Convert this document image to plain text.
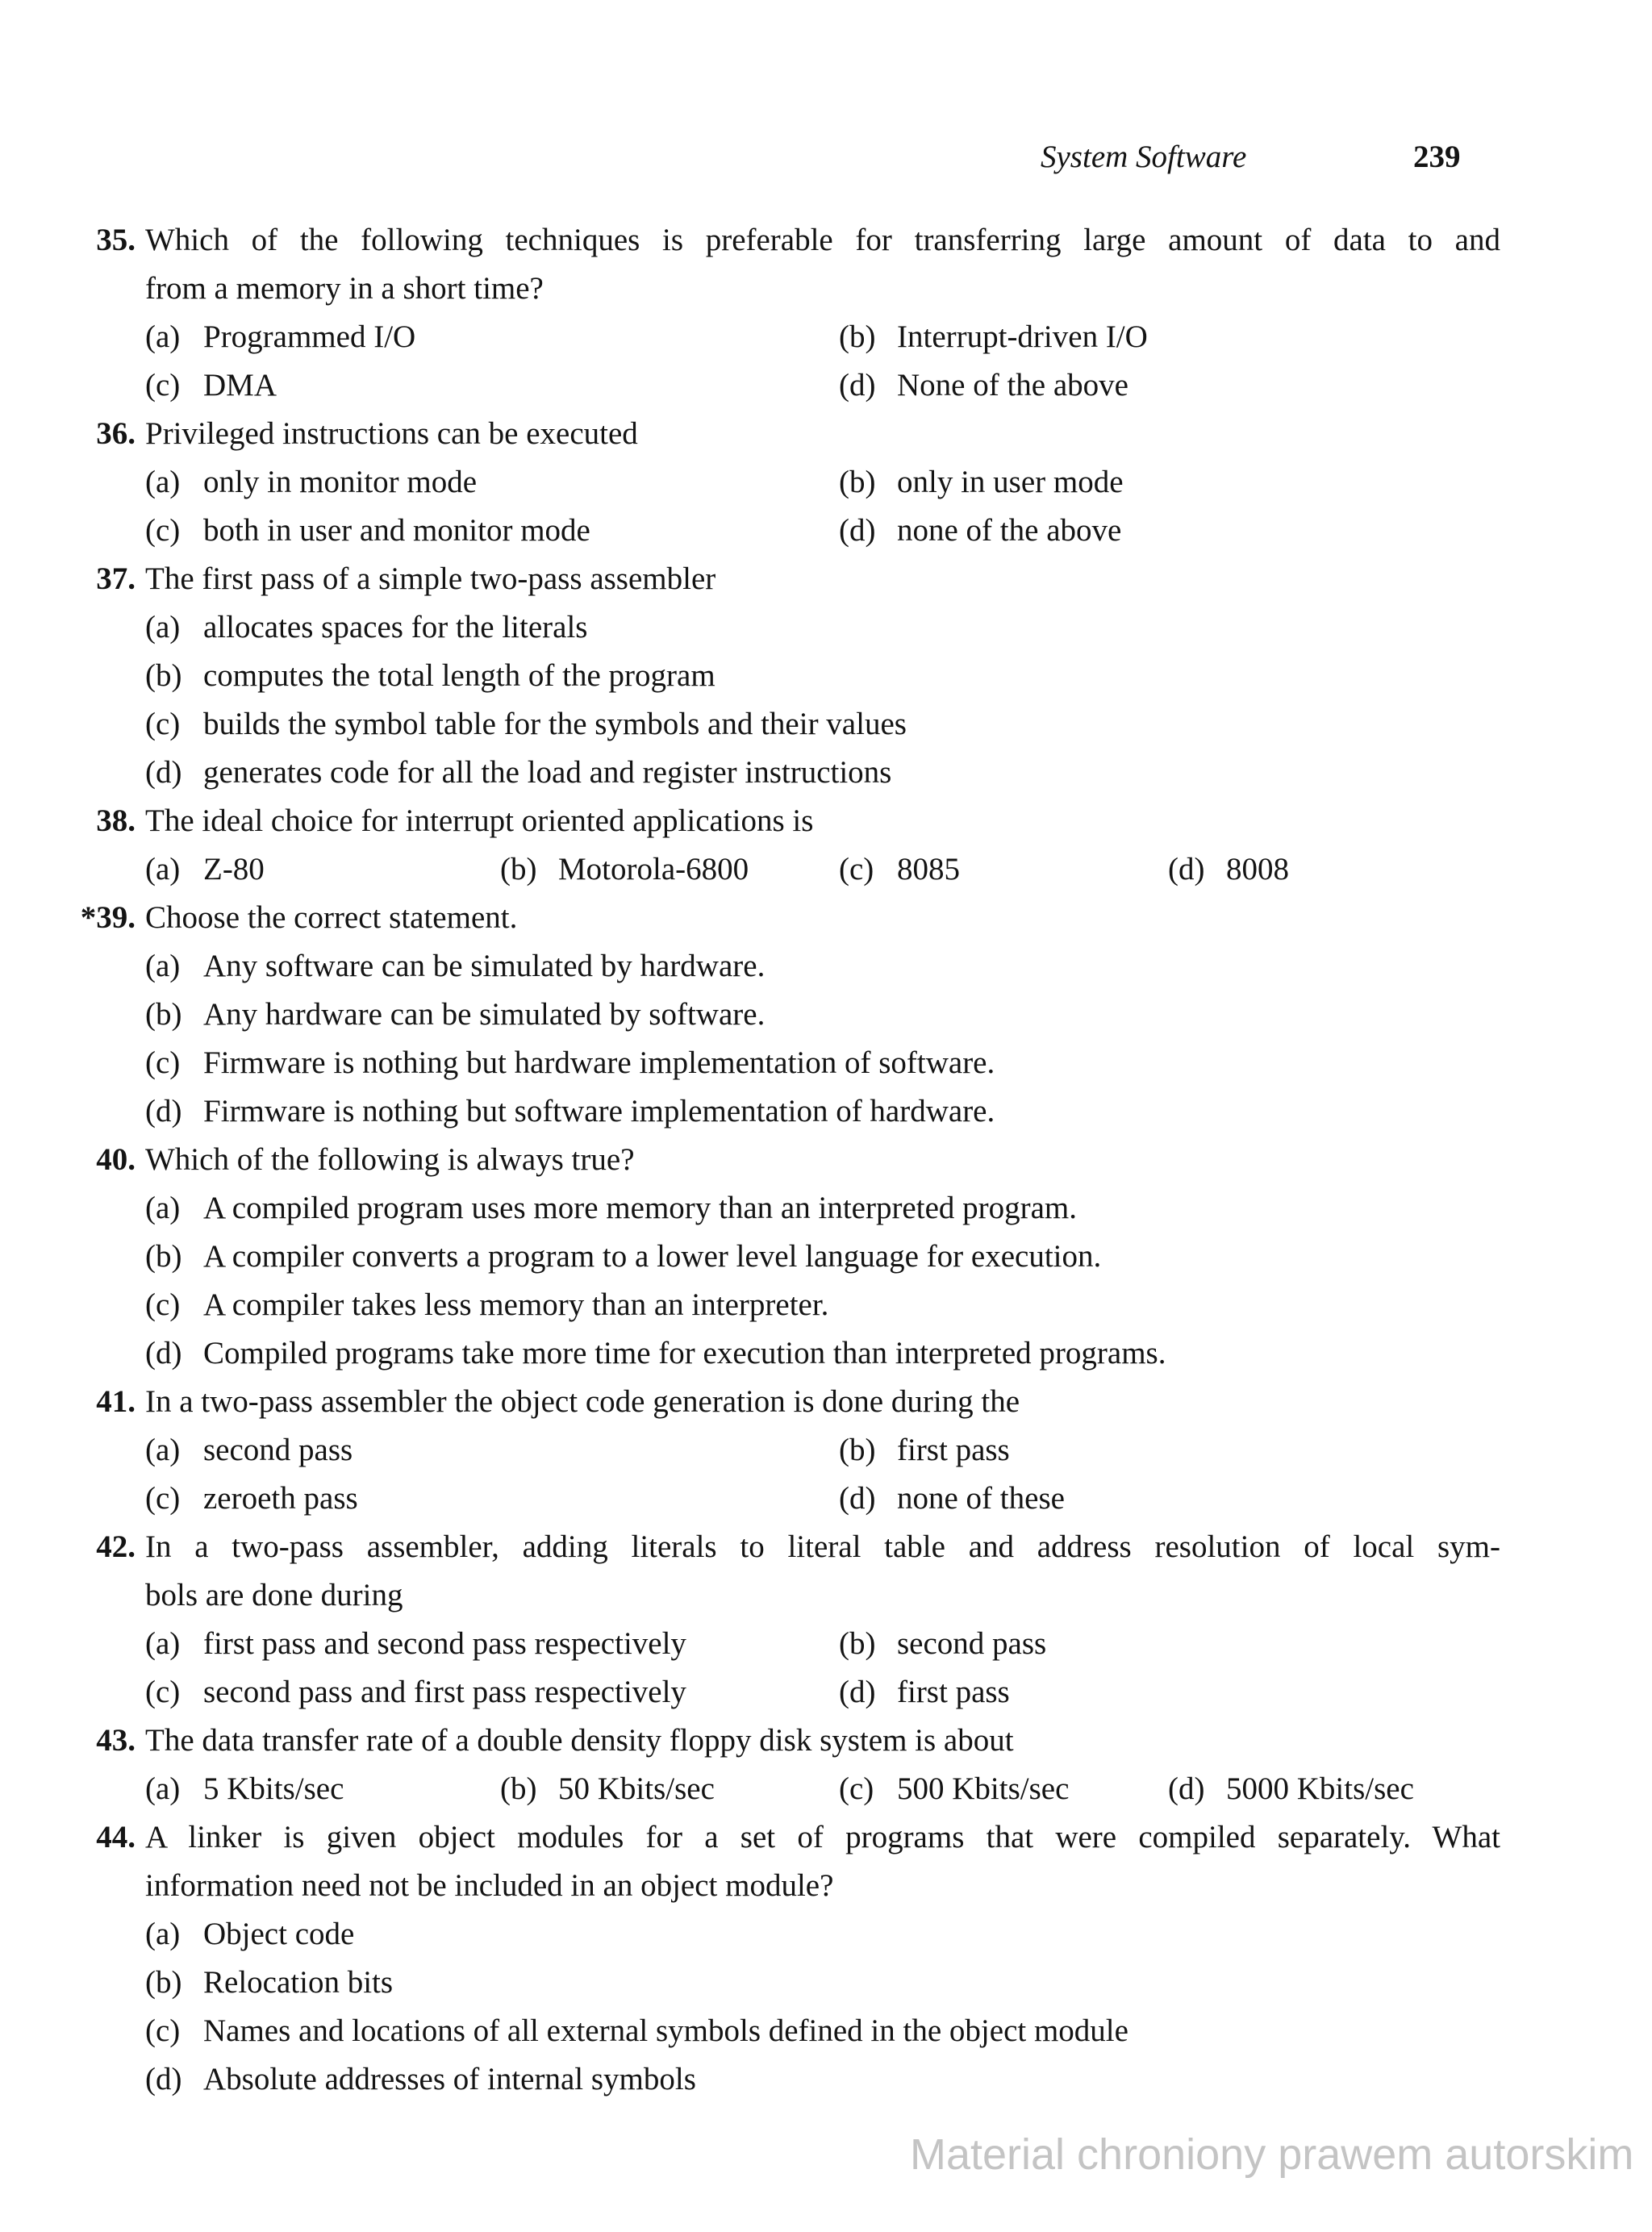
System Software	239
35. Which of the following techniques is preferable for transferring large amount of data to and
from a memory in a short time?
(a) Programmed I/O	(b) Interrupt-driven I/O
(c) DMA	(d) None of the above
36. Privileged instructions can be executed
(a) only in monitor mode	(b) only in user mode
(c) both in user and monitor mode	(d) none of the above
37. The first pass of a simple two-pass assembler
(a) allocates spaces for the literals
(b) computes the total length of the program
(c) builds the symbol table for the symbols and their values
(d) generates code for all the load and register instructions
38. The ideal choice for interrupt oriented applications is
(a) Z-80	(b) Motorola-6800	(c) 8085	(d) 8008
*39. Choose the correct statement.
(a) Any software can be simulated by hardware.
(b) Any hardware can be simulated by software.
(c) Firmware is nothing but hardware implementation of software.
(d) Firmware is nothing but software implementation of hardware.
40. Which of the following is always true?
(a) A compiled program uses more memory than an interpreted program.
(b) A compiler converts a program to a lower level language for execution.
(c) A compiler takes less memory than an interpreter.
(d) Compiled programs take more time for execution than interpreted programs.
41. In a two-pass assembler the object code generation is done during the
(a) second pass	(b) first pass
(c) zeroeth pass	(d) none of these
42. In a two-pass assembler, adding literals to literal table and address resolution of local sym-
bols are done during
(a) first pass and second pass respectively	(b) second pass
(c) second pass and first pass respectively	(d) first pass
43. The data transfer rate of a double density floppy disk system is about
(a) 5 Kbits/sec	(b) 50 Kbits/sec	(c) 500 Kbits/sec	(d) 5000 Kbits/sec
44. A linker is given object modules for a set of programs that were compiled separately. What
information need not be included in an object module?
(a) Object code
(b) Relocation bits
(c) Names and locations of all external symbols defined in the object module
(d) Absolute addresses of internal symbols
Material chroniony prawem autorskim
